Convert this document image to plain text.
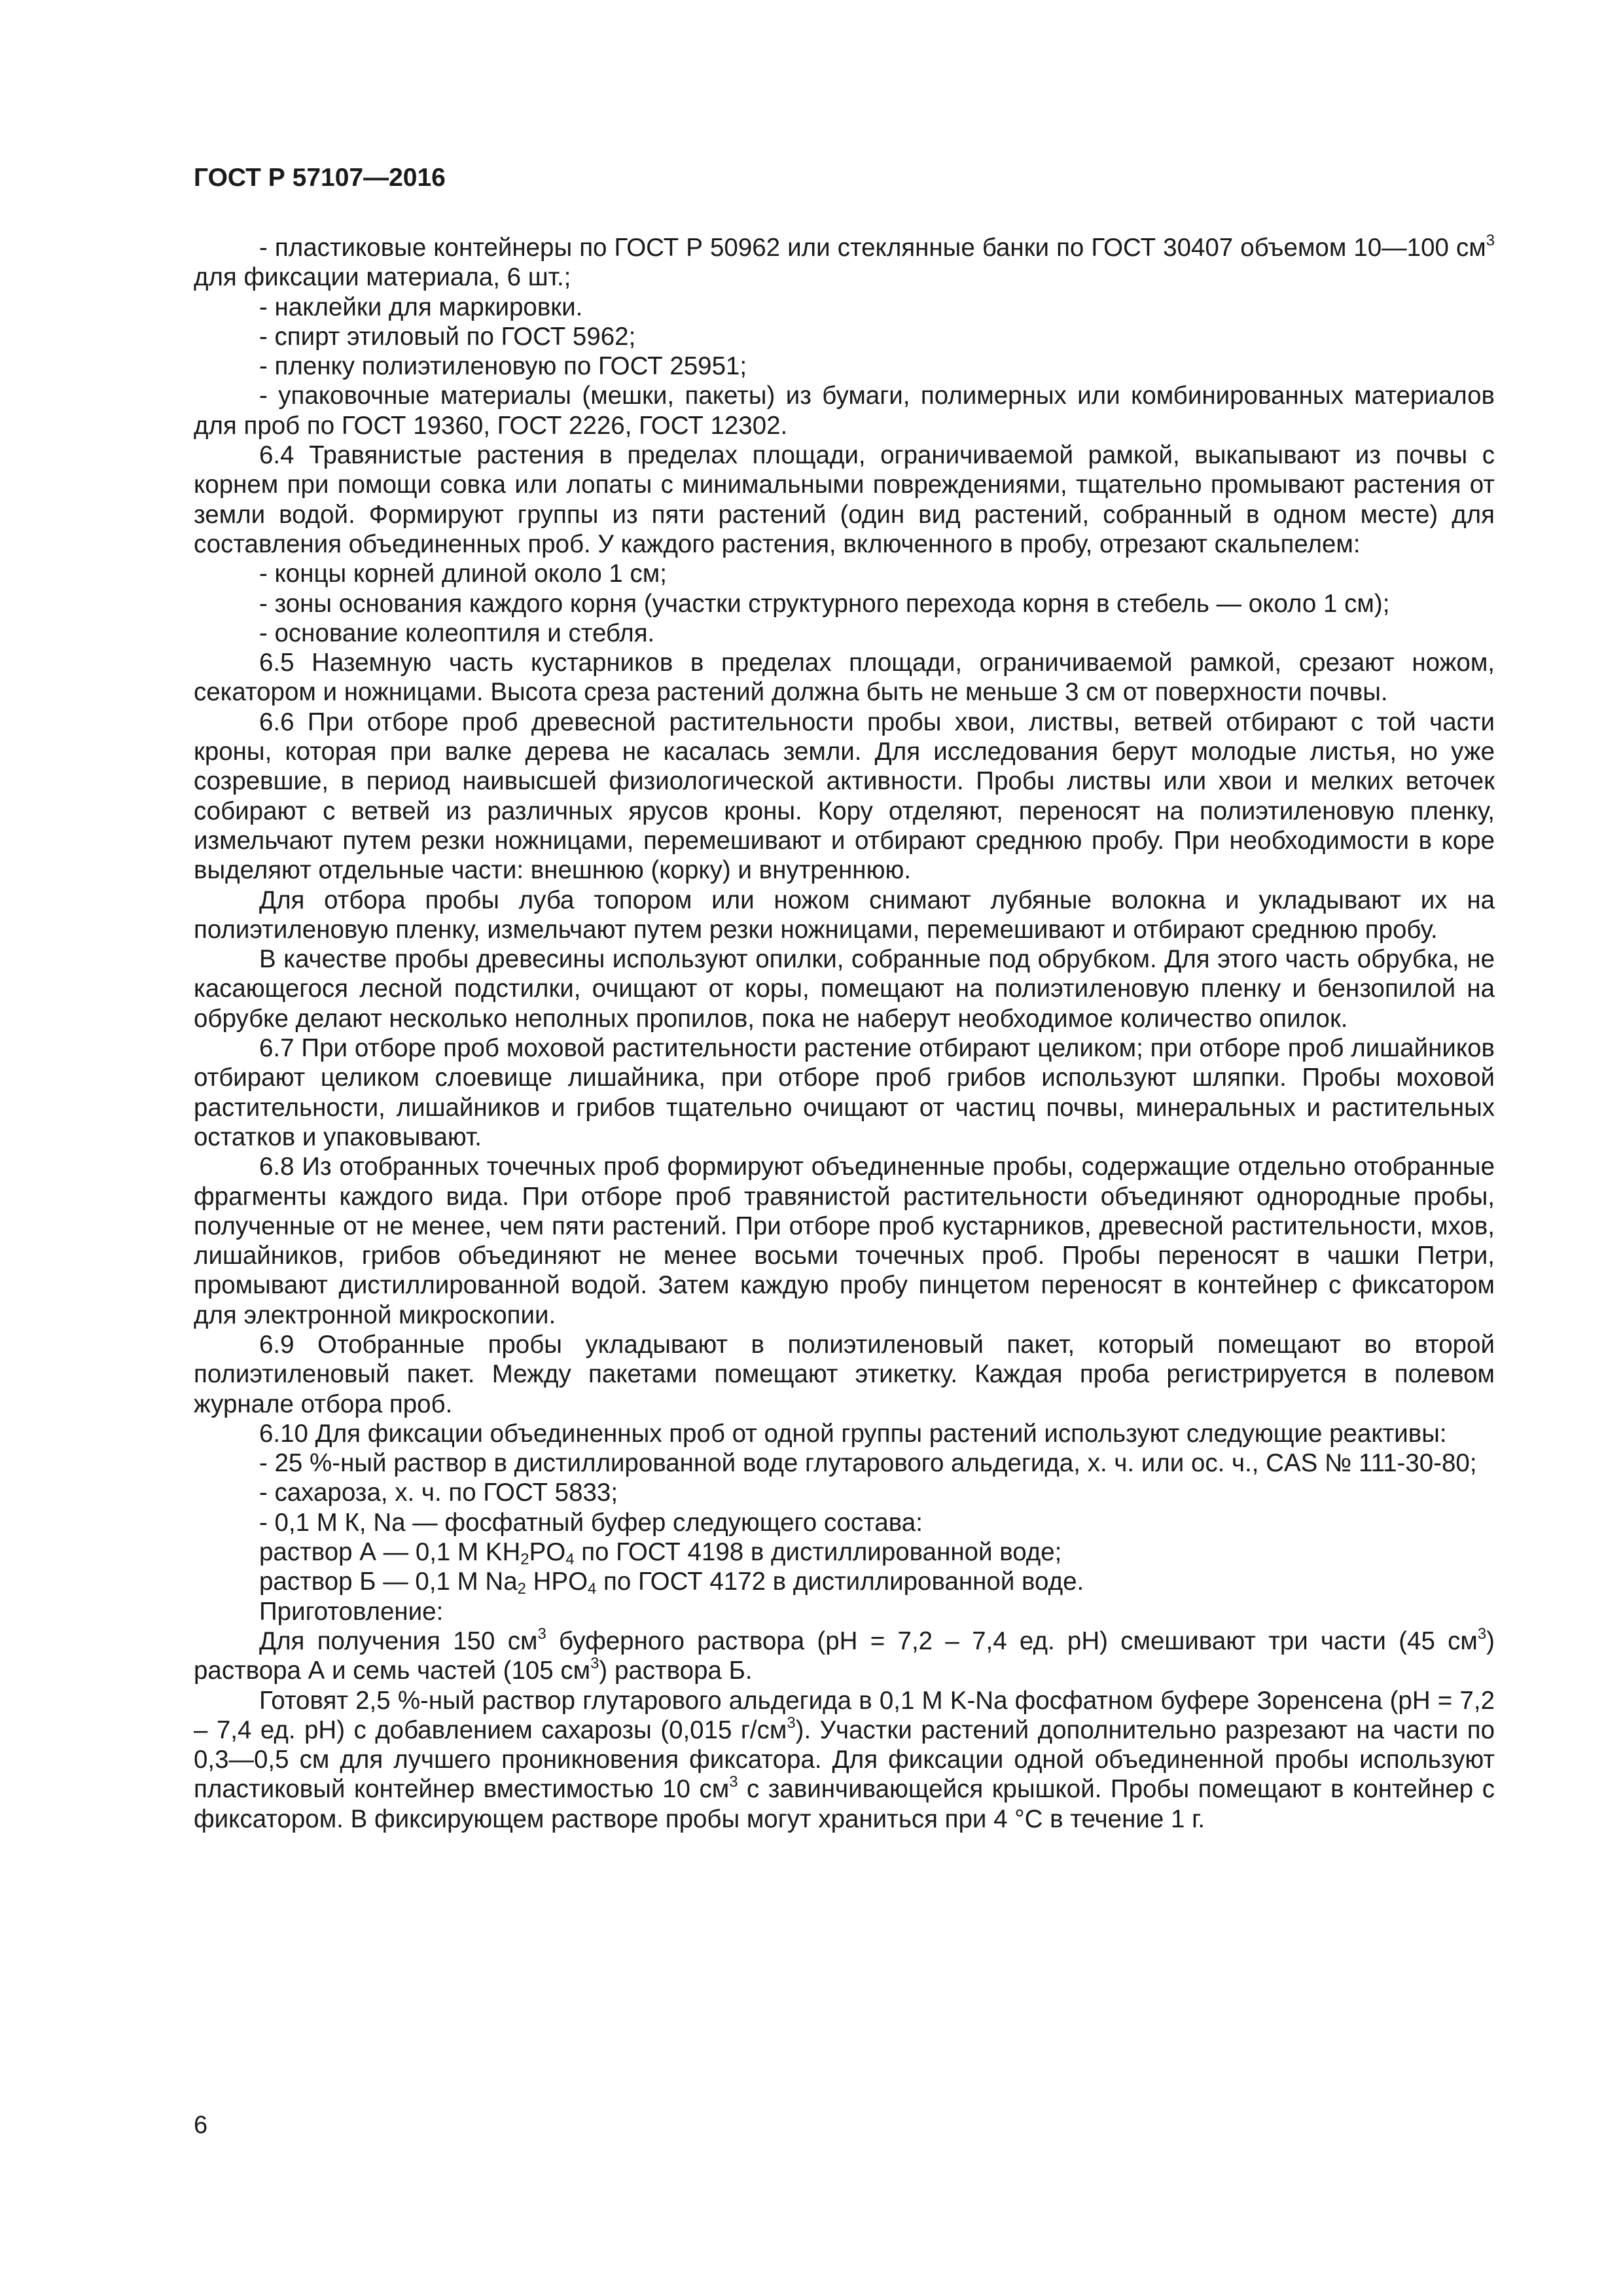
ГОСТ Р 57107—2016

- пластиковые контейнеры по ГОСТ Р 50962 или стеклянные банки по ГОСТ 30407 объемом 10—100 $см^3$ для фиксации материала, 6 шт.;

- наклейки для маркировки.

- спирт этиловый по ГОСТ 5962;

- пленку полиэтиленовую по ГОСТ 25951;

- упаковочные материалы (мешки, пакеты) из бумаги, полимерных или комбинированных материалов для проб по ГОСТ 19360, ГОСТ 2226, ГОСТ 12302.

6.4 Травянистые растения в пределах площади, ограничиваемой рамкой, выкапывают из почвы с корнем при помощи совка или лопаты с минимальными повреждениями, тщательно промывают растения от земли водой. Формируют группы из пяти растений (один вид растений, собранный в одном месте) для составления объединенных проб. У каждого растения, включенного в пробу, отрезают скальпелем:

- концы корней длиной около 1 см;

- зоны основания каждого корня (участки структурного перехода корня в стебель — около 1 см);

- основание колеоптиля и стебля.

6.5 Наземную часть кустарников в пределах площади, ограничиваемой рамкой, срезают ножом, секатором и ножницами. Высота среза растений должна быть не меньше 3 см от поверхности почвы.

6.6 При отборе проб древесной растительности пробы хвои, листвы, ветвей отбирают с той части кроны, которая при валке дерева не касалась земли. Для исследования берут молодые листья, но уже созревшие, в период наивысшей физиологической активности. Пробы листвы или хвои и мелких веточек собирают с ветвей из различных ярусов кроны. Кору отделяют, переносят на полиэтиленовую пленку, измельчают путем резки ножницами, перемешивают и отбирают среднюю пробу. При необходимости в коре выделяют отдельные части: внешнюю (корку) и внутреннюю.

Для отбора пробы луба топором или ножом снимают лубяные волокна и укладывают их на полиэтиленовую пленку, измельчают путем резки ножницами, перемешивают и отбирают среднюю пробу.

В качестве пробы древесины используют опилки, собранные под обрубком. Для этого часть обрубка, не касающегося лесной подстилки, очищают от коры, помещают на полиэтиленовую пленку и бензопилой на обрубке делают несколько неполных пропилов, пока не наберут необходимое количество опилок.

6.7 При отборе проб моховой растительности растение отбирают целиком; при отборе проб лишайников отбирают целиком слоевище лишайника, при отборе проб грибов используют шляпки. Пробы моховой растительности, лишайников и грибов тщательно очищают от частиц почвы, минеральных и растительных остатков и упаковывают.

6.8 Из отобранных точечных проб формируют объединенные пробы, содержащие отдельно отобранные фрагменты каждого вида. При отборе проб травянистой растительности объединяют однородные пробы, полученные от не менее, чем пяти растений. При отборе проб кустарников, древесной растительности, мхов, лишайников, грибов объединяют не менее восьми точечных проб. Пробы переносят в чашки Петри, промывают дистиллированной водой. Затем каждую пробу пинцетом переносят в контейнер с фиксатором для электронной микроскопии.

6.9 Отобранные пробы укладывают в полиэтиленовый пакет, который помещают во второй полиэтиленовый пакет. Между пакетами помещают этикетку. Каждая проба регистрируется в полевом журнале отбора проб.

6.10 Для фиксации объединенных проб от одной группы растений используют следующие реактивы:

- 25 %-ный раствор в дистиллированной воде глутарового альдегида, х. ч. или ос. ч., CAS № 111-30-80;

- сахароза, х. ч. по ГОСТ 5833;

- 0,1 М К, Na — фосфатный буфер следующего состава:

раствор А — 0,1 М $KH_2PO_4$ по ГОСТ 4198 в дистиллированной воде;

раствор Б — 0,1 М $Na_2$ $HPO_4$ по ГОСТ 4172 в дистиллированной воде.

Приготовление:

Для получения 150 $см^3$ буферного раствора (pH = 7,2 – 7,4 ед. pH) смешивают три части (45 $см^3$) раствора А и семь частей (105 $см^3$) раствора Б.

Готовят 2,5 %-ный раствор глутарового альдегида в 0,1 М K-Na фосфатном буфере Зоренсена (pH = 7,2 – 7,4 ед. pH) с добавлением сахарозы (0,015 $г/см^3$). Участки растений дополнительно разрезают на части по 0,3—0,5 см для лучшего проникновения фиксатора. Для фиксации одной объединенной пробы используют пластиковый контейнер вместимостью 10 $см^3$ с завинчивающейся крышкой. Пробы помещают в контейнер с фиксатором. В фиксирующем растворе пробы могут храниться при 4 °C в течение 1 г.

6
